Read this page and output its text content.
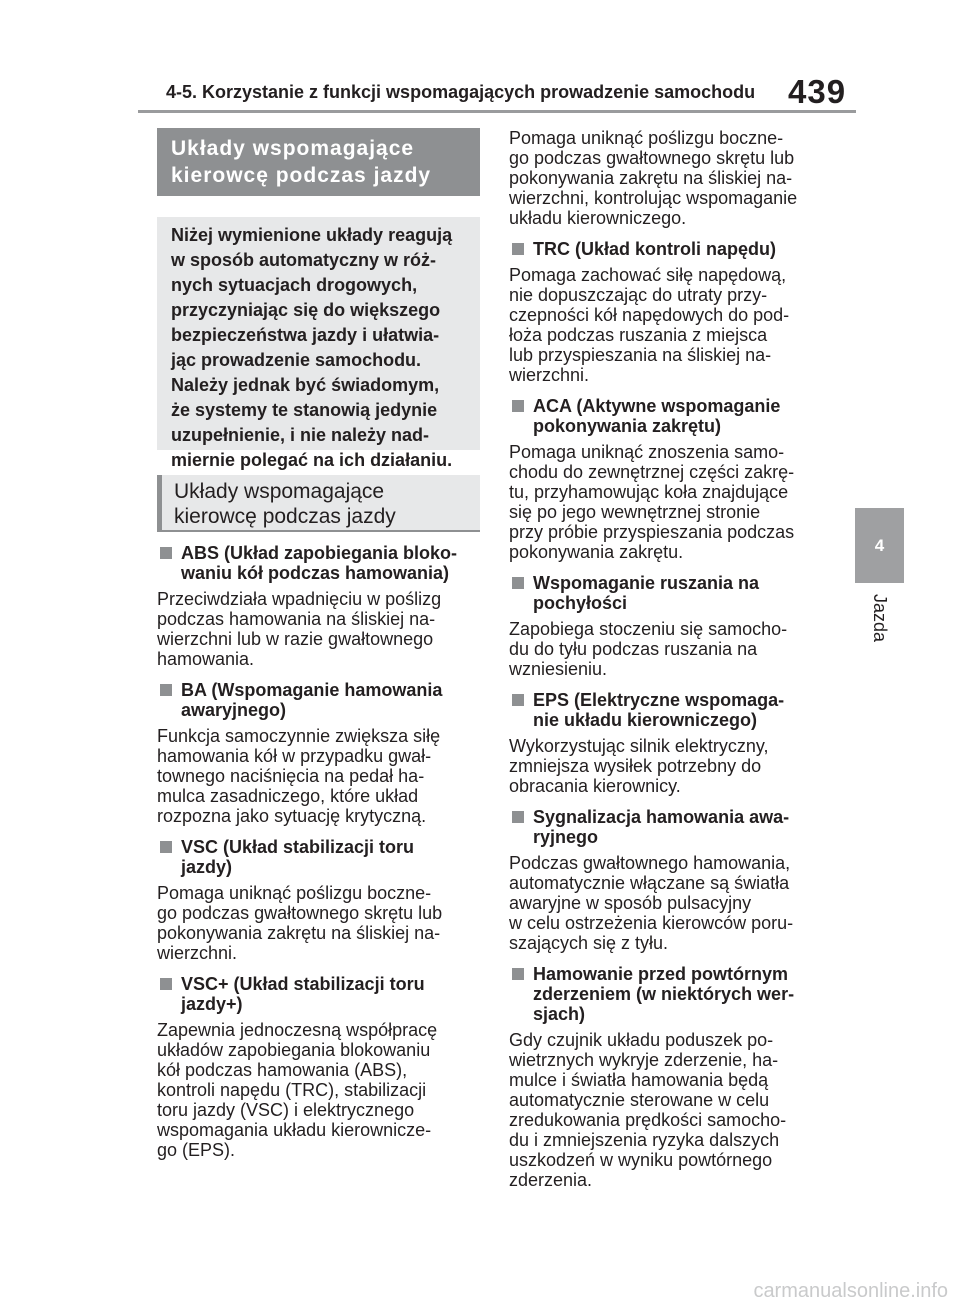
4-5. Korzystanie z funkcji wspomagających prowadzenie samochodu 439
4
Jazda
Układy wspomagające
kierowcę podczas jazdy
Niżej wymienione układy reagują
w sposób automatyczny w róż-
nych sytuacjach drogowych,
przyczyniając się do większego
bezpieczeństwa jazdy i ułatwia-
jąc prowadzenie samochodu.
Należy jednak być świadomym,
że systemy te stanowią jedynie
uzupełnienie, i nie należy nad-
miernie polegać na ich działaniu.
Układy wspomagające
kierowcę podczas jazdy
ABS (Układ zapobiegania bloko-
waniu kół podczas hamowania)
Przeciwdziała wpadnięciu w poślizg
podczas hamowania na śliskiej na-
wierzchni lub w razie gwałtownego
hamowania.
BA (Wspomaganie hamowania
awaryjnego)
Funkcja samoczynnie zwiększa siłę
hamowania kół w przypadku gwał-
townego naciśnięcia na pedał ha-
mulca zasadniczego, które układ
rozpozna jako sytuację krytyczną.
VSC (Układ stabilizacji toru
jazdy)
Pomaga uniknąć poślizgu boczne-
go podczas gwałtownego skrętu lub
pokonywania zakrętu na śliskiej na-
wierzchni.
VSC+ (Układ stabilizacji toru
jazdy+)
Zapewnia jednoczesną współpracę
układów zapobiegania blokowaniu
kół podczas hamowania (ABS),
kontroli napędu (TRC), stabilizacji
toru jazdy (VSC) i elektrycznego
wspomagania układu kierownicze-
go (EPS).
Pomaga uniknąć poślizgu boczne-
go podczas gwałtownego skrętu lub
pokonywania zakrętu na śliskiej na-
wierzchni, kontrolując wspomaganie
układu kierowniczego.
TRC (Układ kontroli napędu)
Pomaga zachować siłę napędową,
nie dopuszczając do utraty przy-
czepności kół napędowych do pod-
łoża podczas ruszania z miejsca
lub przyspieszania na śliskiej na-
wierzchni.
ACA (Aktywne wspomaganie
pokonywania zakrętu)
Pomaga uniknąć znoszenia samo-
chodu do zewnętrznej części zakrę-
tu, przyhamowując koła znajdujące
się po jego wewnętrznej stronie
przy próbie przyspieszania podczas
pokonywania zakrętu.
Wspomaganie ruszania na
pochyłości
Zapobiega stoczeniu się samocho-
du do tyłu podczas ruszania na
wzniesieniu.
EPS (Elektryczne wspomaga-
nie układu kierowniczego)
Wykorzystując silnik elektryczny,
zmniejsza wysiłek potrzebny do
obracania kierownicy.
Sygnalizacja hamowania awa-
ryjnego
Podczas gwałtownego hamowania,
automatycznie włączane są światła
awaryjne w sposób pulsacyjny
w celu ostrzeżenia kierowców poru-
szających się z tyłu.
Hamowanie przed powtórnym
zderzeniem (w niektórych wer-
sjach)
Gdy czujnik układu poduszek po-
wietrznych wykryje zderzenie, ha-
mulce i światła hamowania będą
automatycznie sterowane w celu
zredukowania prędkości samocho-
du i zmniejszenia ryzyka dalszych
uszkodzeń w wyniku powtórnego
zderzenia.
carmanualsonline.info
